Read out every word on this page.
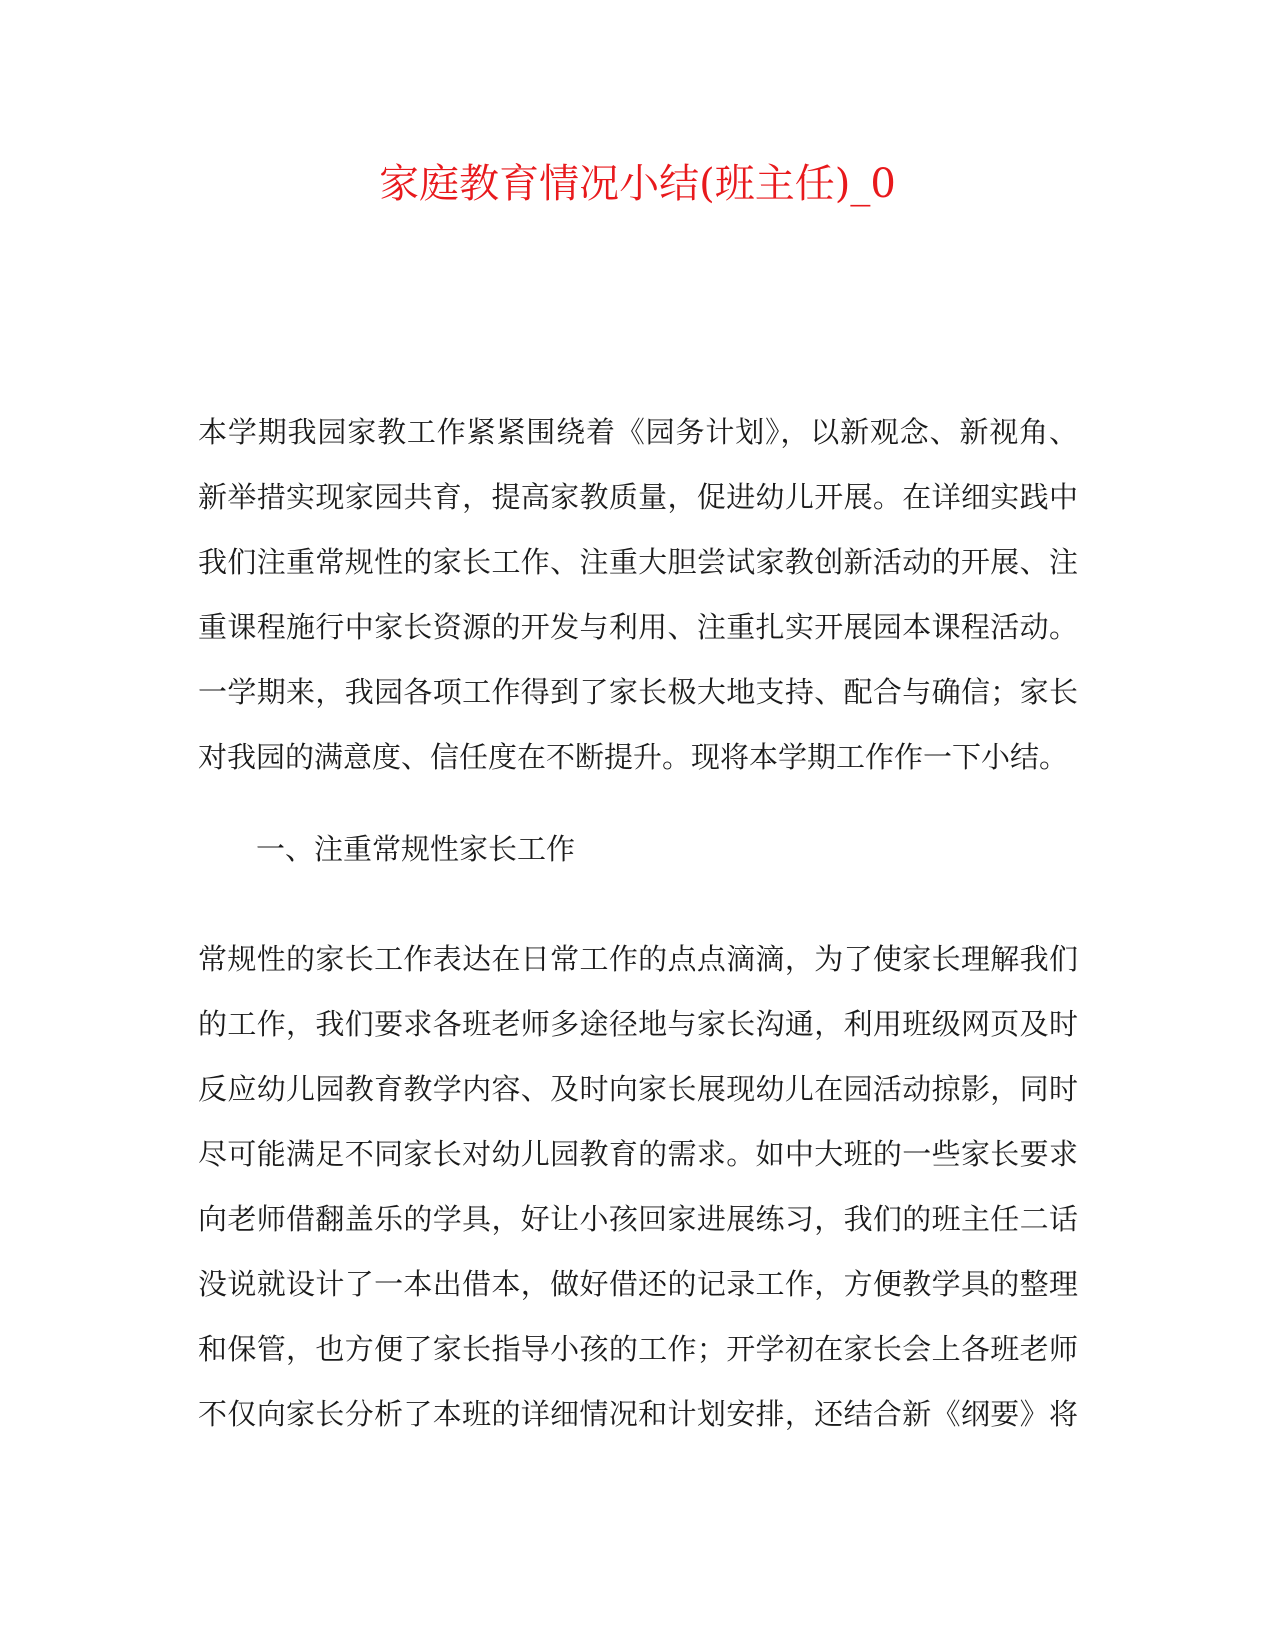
家庭教育情况小结(班主任)_0
本学期我园家教工作紧紧围绕着《园务计划》，以新观念、新视角、
新举措实现家园共育，提高家教质量，促进幼儿开展。在详细实践中
我们注重常规性的家长工作、注重大胆尝试家教创新活动的开展、注
重课程施行中家长资源的开发与利用、注重扎实开展园本课程活动。
一学期来，我园各项工作得到了家长极大地支持、配合与确信；家长
对我园的满意度、信任度在不断提升。现将本学期工作作一下小结。
一、注重常规性家长工作
常规性的家长工作表达在日常工作的点点滴滴，为了使家长理解我们
的工作，我们要求各班老师多途径地与家长沟通，利用班级网页及时
反应幼儿园教育教学内容、及时向家长展现幼儿在园活动掠影，同时
尽可能满足不同家长对幼儿园教育的需求。如中大班的一些家长要求
向老师借翻盖乐的学具，好让小孩回家进展练习，我们的班主任二话
没说就设计了一本出借本，做好借还的记录工作，方便教学具的整理
和保管，也方便了家长指导小孩的工作；开学初在家长会上各班老师
不仅向家长分析了本班的详细情况和计划安排，还结合新《纲要》将
